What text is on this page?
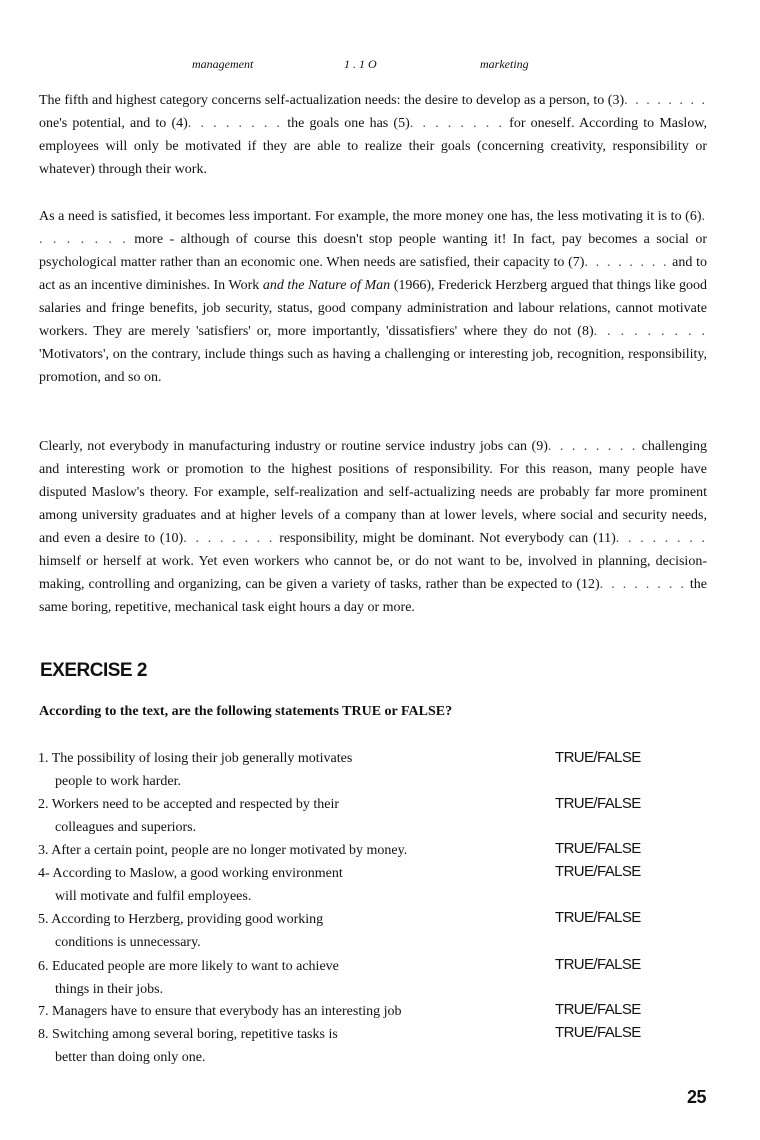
management	1 . 1 O	marketing

The fifth and highest category concerns self-actualization needs: the desire to develop as a person, to (3). . . . . . . . one's potential, and to (4). . . . . . . . the goals one has (5). . . . . . . . for oneself. According to Maslow, employees will only be motivated if they are able to realize their goals (concerning creativity, responsibility or whatever) through their work.

As a need is satisfied, it becomes less important. For example, the more money one has, the less motivating it is to (6). . . . . . . . more - although of course this doesn't stop people wanting it! In fact, pay becomes a social or psychological matter rather than an economic one. When needs are satisfied, their capacity to (7). . . . . . . . and to act as an incentive diminishes. In Work and the Nature of Man (1966), Frederick Herzberg argued that things like good salaries and fringe benefits, job security, status, good company administration and labour relations, cannot motivate workers. They are merely 'satisfiers' or, more importantly, 'dissatisfiers' where they do not (8). . . . . . . . . 'Motivators', on the contrary, include things such as having a challenging or interesting job, recognition, responsibility, promotion, and so on.

Clearly, not everybody in manufacturing industry or routine service industry jobs can (9). . . . . . . . challenging and interesting work or promotion to the highest positions of responsibility. For this reason, many people have disputed Maslow's theory. For example, self-realization and self-actualizing needs are probably far more prominent among university graduates and at higher levels of a company than at lower levels, where social and security needs, and even a desire to (10). . . . . . . . responsibility, might be dominant. Not everybody can (11). . . . . . . . himself or herself at work. Yet even workers who cannot be, or do not want to be, involved in planning, decision-making, controlling and organizing, can be given a variety of tasks, rather than be expected to (12). . . . . . . . the same boring, repetitive, mechanical task eight hours a day or more.

EXERCISE 2
According to the text, are the following statements TRUE or FALSE?
1. The possibility of losing their job generally motivates
people to work harder.
TRUE/FALSE
2. Workers need to be accepted and respected by their
colleagues and superiors.
TRUE/FALSE
3. After a certain point, people are no longer motivated by money.	TRUE/FALSE
4- According to Maslow, a good working environment
will motivate and fulfil employees.
TRUE/FALSE
5. According to Herzberg, providing good working
conditions is unnecessary.
TRUE/FALSE
6. Educated people are more likely to want to achieve
things in their jobs.
TRUE/FALSE
7. Managers have to ensure that everybody has an interesting job	TRUE/FALSE
8. Switching among several boring, repetitive tasks is
better than doing only one.
TRUE/FALSE
25
